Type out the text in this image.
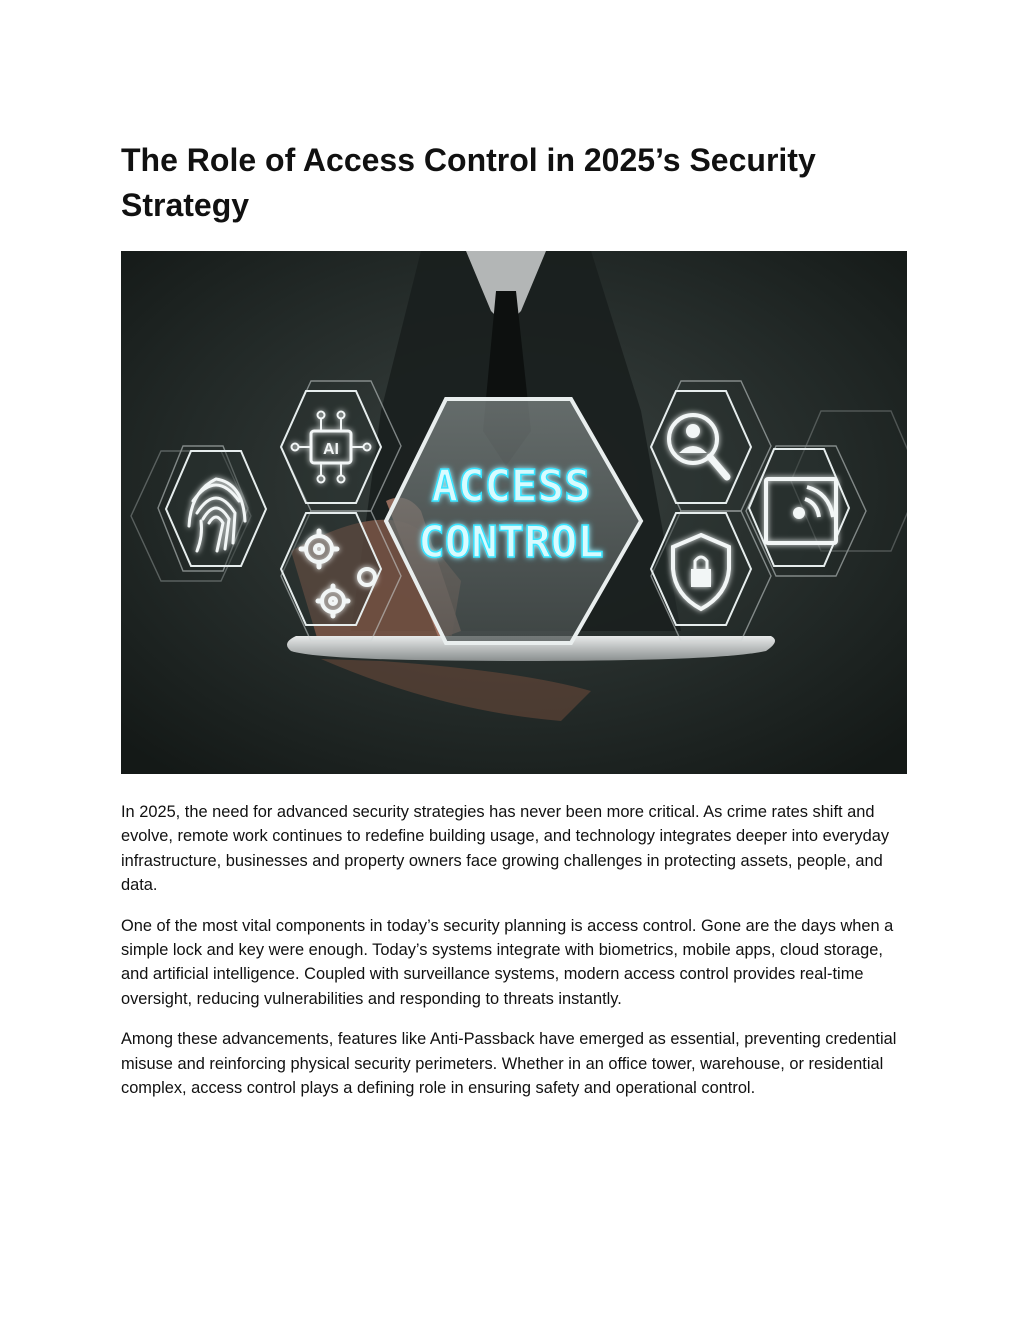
The Role of Access Control in 2025’s Security Strategy
AI
ACCESS
CONTROL

In 2025, the need for advanced security strategies has never been more critical. As crime rates shift and evolve, remote work continues to redefine building usage, and technology integrates deeper into everyday infrastructure, businesses and property owners face growing challenges in protecting assets, people, and data.

One of the most vital components in today’s security planning is access control. Gone are the days when a simple lock and key were enough. Today’s systems integrate with biometrics, mobile apps, cloud storage, and artificial intelligence. Coupled with surveillance systems, modern access control provides real-time oversight, reducing vulnerabilities and responding to threats instantly.

Among these advancements, features like Anti-Passback have emerged as essential, preventing credential misuse and reinforcing physical security perimeters. Whether in an office tower, warehouse, or residential complex, access control plays a defining role in ensuring safety and operational control.
